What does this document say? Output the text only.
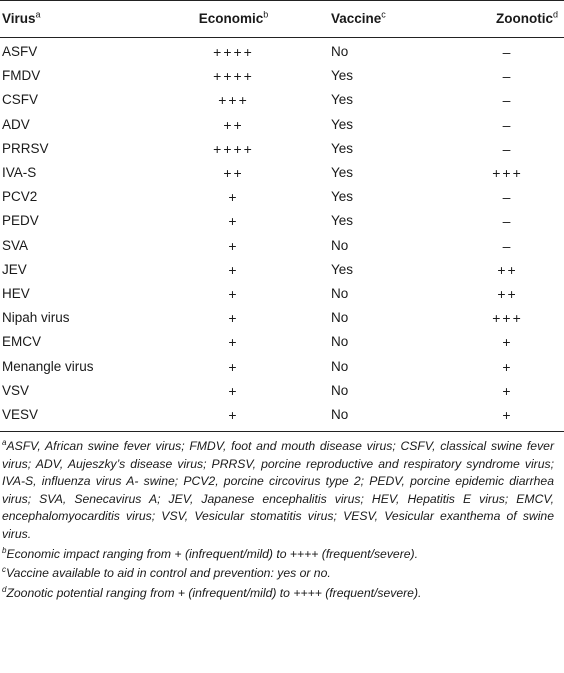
Virus$^a$	Economic$^b$	Vaccine$^c$	Zoonotic$^d$
ASFV	++++	No	–
FMDV	++++	Yes	–
CSFV	+++	Yes	–
ADV	++	Yes	–
PRRSV	++++	Yes	–
IVA-S	++	Yes	+++
PCV2	+	Yes	–
PEDV	+	Yes	–
SVA	+	No	–
JEV	+	Yes	++
HEV	+	No	++
Nipah virus	+	No	+++
EMCV	+	No	+
Menangle virus	+	No	+
VSV	+	No	+
VESV	+	No	+

$^a$ASFV, African swine fever virus; FMDV, foot and mouth disease virus; CSFV, classical swine fever virus; ADV, Aujeszky’s disease virus; PRRSV, porcine reproductive and respiratory syndrome virus; IVA-S, influenza virus A- swine; PCV2, porcine circovirus type 2; PEDV, porcine epidemic diarrhea virus; SVA, Senecavirus A; JEV, Japanese encephalitis virus; HEV, Hepatitis E virus; EMCV, encephalomyocarditis virus; VSV, Vesicular stomatitis virus; VESV, Vesicular exanthema of swine virus.

$^b$Economic impact ranging from + (infrequent/mild) to ++++ (frequent/severe).

$^c$Vaccine available to aid in control and prevention: yes or no.

$^d$Zoonotic potential ranging from + (infrequent/mild) to ++++ (frequent/severe).
